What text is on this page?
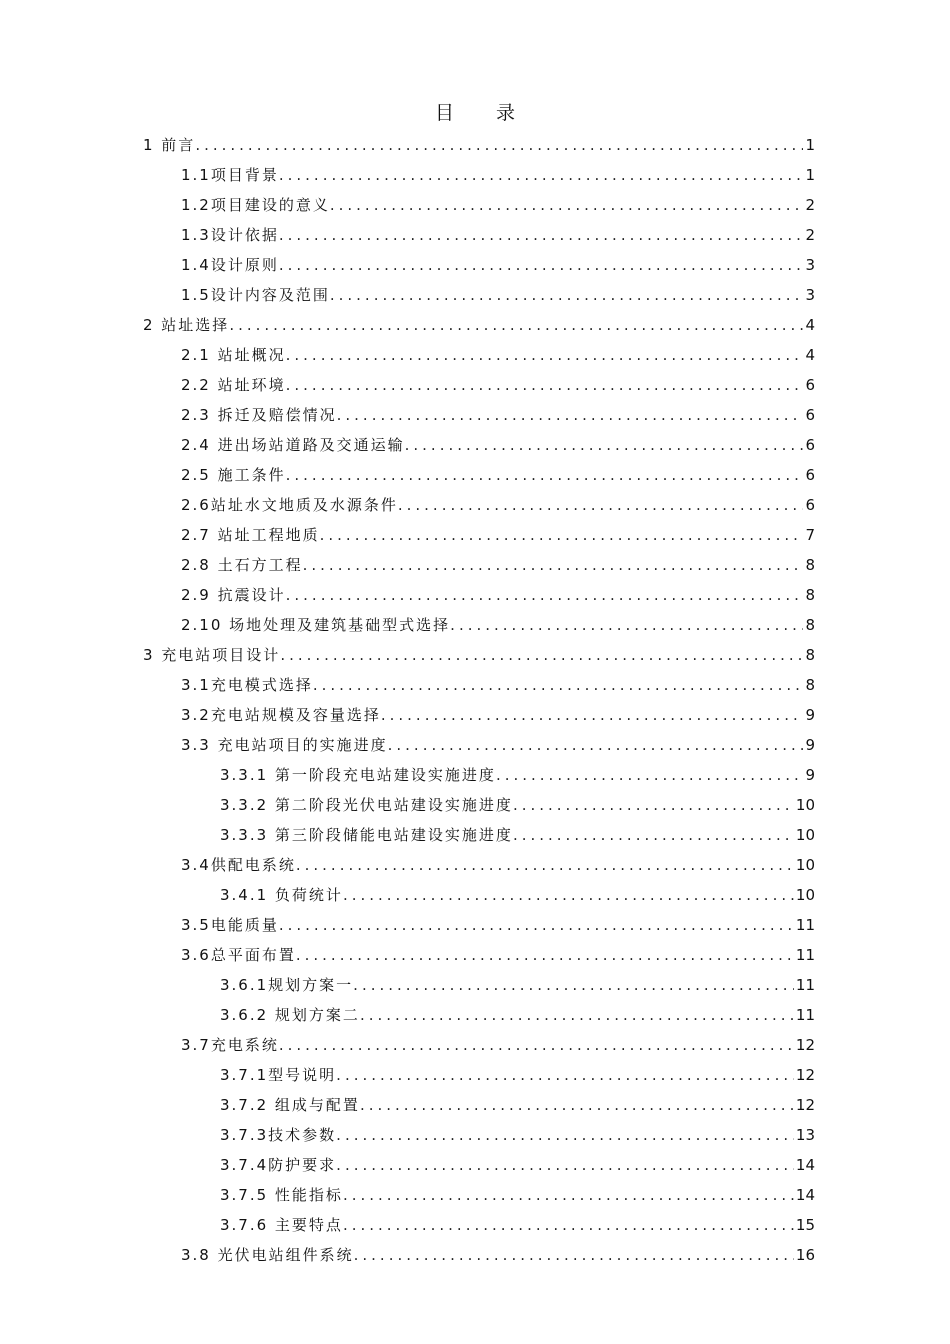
目 录
1 前言 .....	1
1.1项目背景 .....	1
1.2项目建设的意义 .....	2
1.3设计依据 .....	2
1.4设计原则 .....	3
1.5设计内容及范围 .....	3
2 站址选择 .....	4
2.1 站址概况 .....	4
2.2 站址环境 .....	6
2.3 拆迁及赔偿情况 .....	6
2.4 进出场站道路及交通运输 .....	6
2.5 施工条件 .....	6
2.6站址水文地质及水源条件 .....	6
2.7 站址工程地质 .....	7
2.8 土石方工程 .....	8
2.9 抗震设计 .....	8
2.10 场地处理及建筑基础型式选择 .....	8
3 充电站项目设计 .....	8
3.1充电模式选择 .....	8
3.2充电站规模及容量选择 .....	9
3.3 充电站项目的实施进度 .....	9
3.3.1 第一阶段充电站建设实施进度 .....	9
3.3.2 第二阶段光伏电站建设实施进度 .....	10
3.3.3 第三阶段储能电站建设实施进度 .....	10
3.4供配电系统 .....	10
3.4.1 负荷统计 .....	10
3.5电能质量 .....	11
3.6总平面布置 .....	11
3.6.1规划方案一 .....	11
3.6.2 规划方案二 .....	11
3.7充电系统 .....	12
3.7.1型号说明 .....	12
3.7.2 组成与配置 .....	12
3.7.3技术参数 .....	13
3.7.4防护要求 .....	14
3.7.5 性能指标 .....	14
3.7.6 主要特点 .....	15
3.8 光伏电站组件系统 .....	16
